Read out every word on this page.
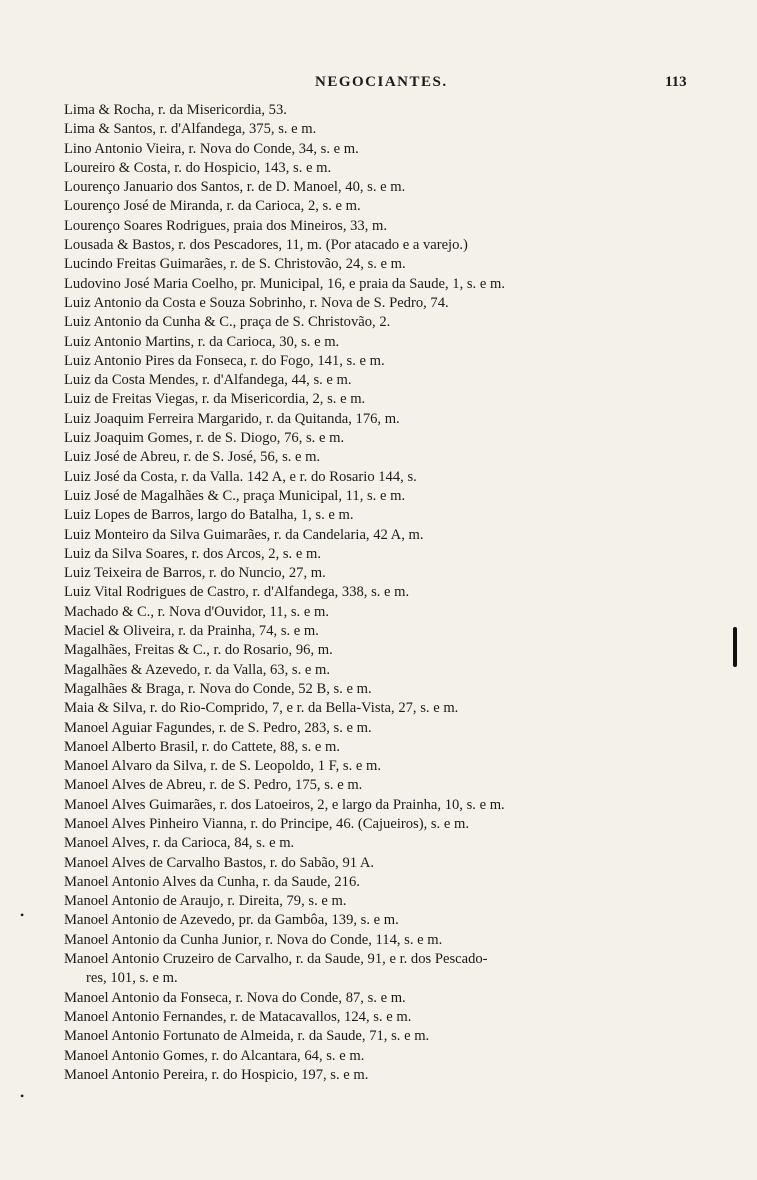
NEGOCIANTES.	113
Lima & Rocha, r. da Misericordia, 53.
Lima & Santos, r. d'Alfandega, 375, s. e m.
Lino Antonio Vieira, r. Nova do Conde, 34, s. e m.
Loureiro & Costa, r. do Hospicio, 143, s. e m.
Lourenço Januario dos Santos, r. de D. Manoel, 40, s. e m.
Lourenço José de Miranda, r. da Carioca, 2, s. e m.
Lourenço Soares Rodrigues, praia dos Mineiros, 33, m.
Lousada & Bastos, r. dos Pescadores, 11, m. (Por atacado e a varejo.)
Lucindo Freitas Guimarães, r. de S. Christovão, 24, s. e m.
Ludovino José Maria Coelho, pr. Municipal, 16, e praia da Saude, 1, s. e m.
Luiz Antonio da Costa e Souza Sobrinho, r. Nova de S. Pedro, 74.
Luiz Antonio da Cunha & C., praça de S. Christovão, 2.
Luiz Antonio Martins, r. da Carioca, 30, s. e m.
Luiz Antonio Pires da Fonseca, r. do Fogo, 141, s. e m.
Luiz da Costa Mendes, r. d'Alfandega, 44, s. e m.
Luiz de Freitas Viegas, r. da Misericordia, 2, s. e m.
Luiz Joaquim Ferreira Margarido, r. da Quitanda, 176, m.
Luiz Joaquim Gomes, r. de S. Diogo, 76, s. e m.
Luiz José de Abreu, r. de S. José, 56, s. e m.
Luiz José da Costa, r. da Valla. 142 A, e r. do Rosario 144, s.
Luiz José de Magalhães & C., praça Municipal, 11, s. e m.
Luiz Lopes de Barros, largo do Batalha, 1, s. e m.
Luiz Monteiro da Silva Guimarães, r. da Candelaria, 42 A, m.
Luiz da Silva Soares, r. dos Arcos, 2, s. e m.
Luiz Teixeira de Barros, r. do Nuncio, 27, m.
Luiz Vital Rodrigues de Castro, r. d'Alfandega, 338, s. e m.
Machado & C., r. Nova d'Ouvidor, 11, s. e m.
Maciel & Oliveira, r. da Prainha, 74, s. e m.
Magalhães, Freitas & C., r. do Rosario, 96, m.
Magalhães & Azevedo, r. da Valla, 63, s. e m.
Magalhães & Braga, r. Nova do Conde, 52 B, s. e m.
Maia & Silva, r. do Rio-Comprido, 7, e r. da Bella-Vista, 27, s. e m.
Manoel Aguiar Fagundes, r. de S. Pedro, 283, s. e m.
Manoel Alberto Brasil, r. do Cattete, 88, s. e m.
Manoel Alvaro da Silva, r. de S. Leopoldo, 1 F, s. e m.
Manoel Alves de Abreu, r. de S. Pedro, 175, s. e m.
Manoel Alves Guimarães, r. dos Latoeiros, 2, e largo da Prainha, 10, s. e m.
Manoel Alves Pinheiro Vianna, r. do Principe, 46. (Cajueiros), s. e m.
Manoel Alves, r. da Carioca, 84, s. e m.
Manoel Alves de Carvalho Bastos, r. do Sabão, 91 A.
Manoel Antonio Alves da Cunha, r. da Saude, 216.
Manoel Antonio de Araujo, r. Direita, 79, s. e m.
Manoel Antonio de Azevedo, pr. da Gambôa, 139, s. e m.
Manoel Antonio da Cunha Junior, r. Nova do Conde, 114, s. e m.
Manoel Antonio Cruzeiro de Carvalho, r. da Saude, 91, e r. dos Pescado-
res, 101, s. e m.
Manoel Antonio da Fonseca, r. Nova do Conde, 87, s. e m.
Manoel Antonio Fernandes, r. de Matacavallos, 124, s. e m.
Manoel Antonio Fortunato de Almeida, r. da Saude, 71, s. e m.
Manoel Antonio Gomes, r. do Alcantara, 64, s. e m.
Manoel Antonio Pereira, r. do Hospicio, 197, s. e m.
•
•
